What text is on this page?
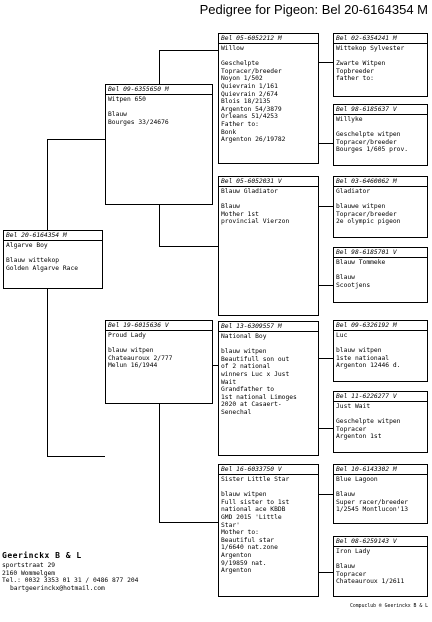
Pedigree for Pigeon: Bel 20-6164354 M
Bel 20-6164354 M
Algarve Boy
Blauw wittekop
Golden Algarve Race
Bel 09-6355650 M
Witpen 650
Blauw
Bourges 33/24676
Bel 19-6015636 V
Proud Lady
blauw witpen
Chateauroux 2/777
Melun 16/1944
Bel 05-6052212 M
Willow
Geschelpte
Topracer/breeder
Noyon 1/502
Quievrain 1/161
Quievrain 2/674
Blois 18/2135
Argenton 54/3879
Orleans 51/4253
Father to:
Bonk
Argenton 26/19782
Bel 05-6052031 V
Blauw Gladiator
Blauw
Mother 1st
provincial Vierzon
Bel 13-6309557 M
National Boy
blauw witpen
Beautifull son out
of 2 national
winners Luc x Just
Wait
Grandfather to
1st national Limoges
2020 at Casaert-
Senechal
Bel 16-6033750 V
Sister Little Star
blauw witpen
Full sister to 1st
national ace KBDB
GMD 2015 'Little
Star'
Mother to:
Beautiful star
1/6640 nat.zone
Argenton
9/19859 nat.
Argenton
Bel 02-6354241 M
Wittekop Sylvester
Zwarte Witpen
Topbreeder
father to:
Bel 98-6185637 V
Willyke
Geschelpte witpen
Topracer/breeder
Bourges 1/605 prov.
Bel 03-6460062 M
Gladiator
blauwe witpen
Topracer/breeder
2e olympic pigeon
Bel 98-6185701 V
Blauw Tommeke
Blauw
Scootjens
Bel 09-6326192 M
Luc
blauw witpen
1ste nationaal
Argenton 12446 d.
Bel 11-6226277 V
Just Wait
Geschelpte witpen
Topracer
Argenton 1st
Bel 10-6143302 M
Blue Lagoon
Blauw
Super racer/breeder
1/2545 Montlucon'13
Bel 08-6259143 V
Iron Lady
Blauw
Topracer
Chateauroux 1/2611
Geerinckx B & L
sportstraat 29
2160 Wommelgem
Tel.: 0032 3353 01 31 / 0486 877 204
bartgeerinckx@hotmail.com
Compuclub ® Geerinckx B & L
